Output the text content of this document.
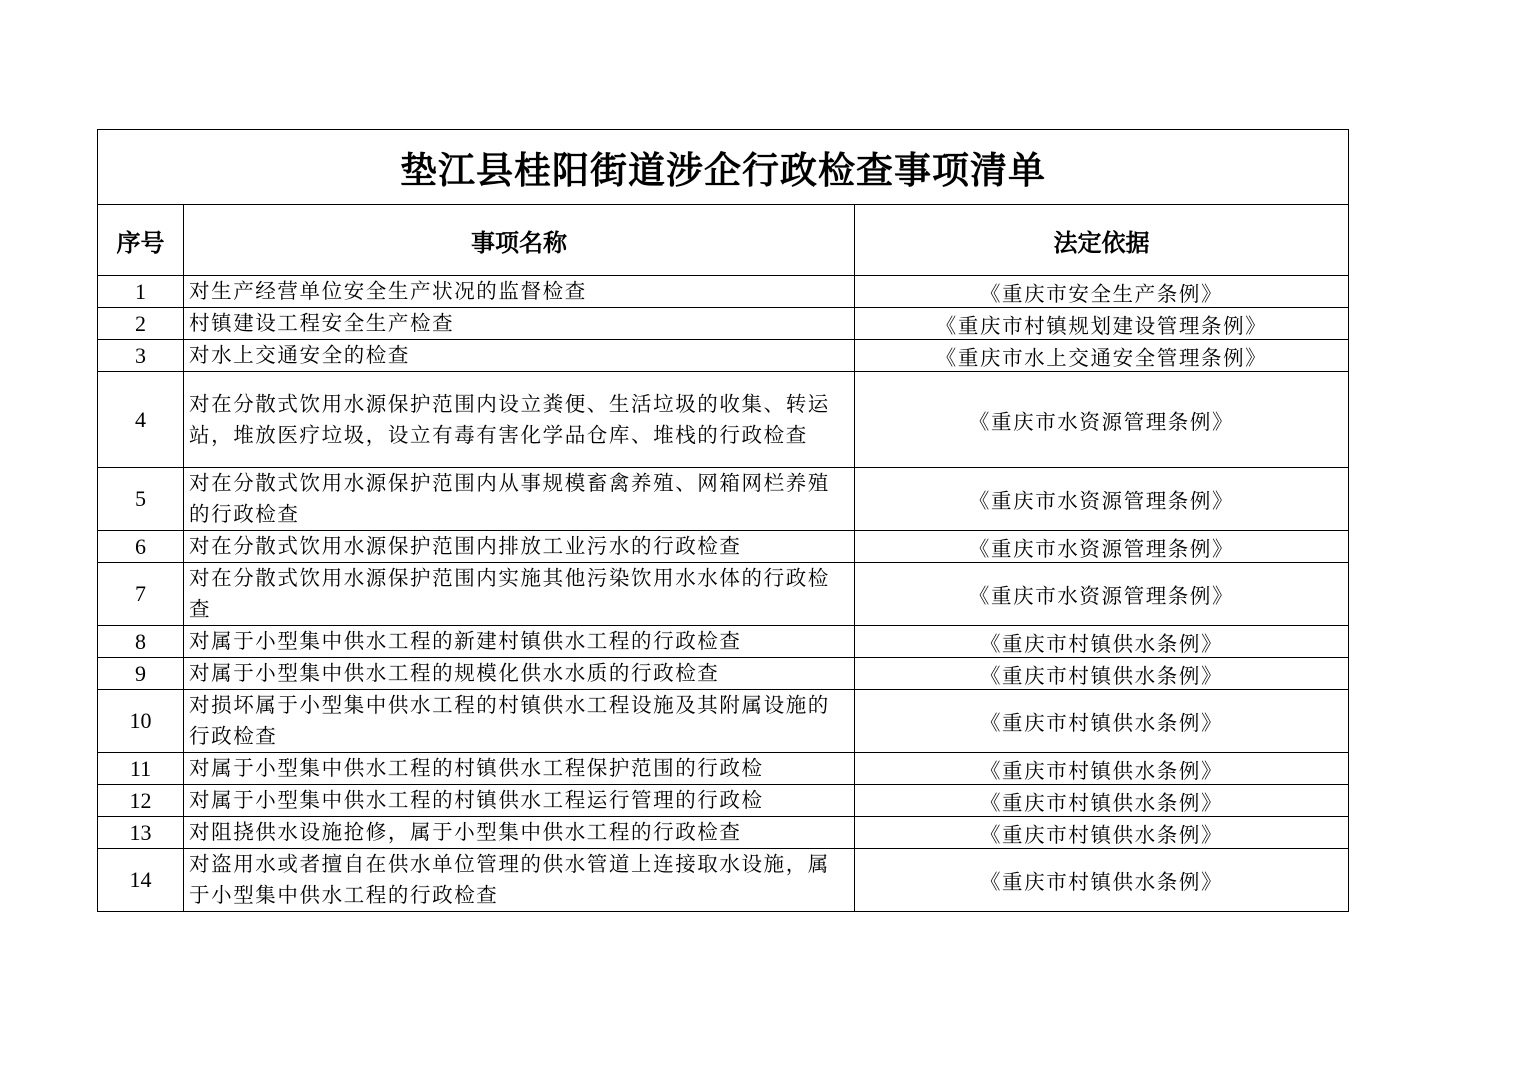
垫江县桂阳街道涉企行政检查事项清单		
序号	事项名称	法定依据
1	对生产经营单位安全生产状况的监督检查	《重庆市安全生产条例》
2	村镇建设工程安全生产检查	《重庆市村镇规划建设管理条例》
3	对水上交通安全的检查	《重庆市水上交通安全管理条例》
4	对在分散式饮用水源保护范围内设立粪便、生活垃圾的收集、转运站，堆放医疗垃圾，设立有毒有害化学品仓库、堆栈的行政检查	《重庆市水资源管理条例》
5	对在分散式饮用水源保护范围内从事规模畜禽养殖、网箱网栏养殖的行政检查	《重庆市水资源管理条例》
6	对在分散式饮用水源保护范围内排放工业污水的行政检查	《重庆市水资源管理条例》
7	对在分散式饮用水源保护范围内实施其他污染饮用水水体的行政检查	《重庆市水资源管理条例》
8	对属于小型集中供水工程的新建村镇供水工程的行政检查	《重庆市村镇供水条例》
9	对属于小型集中供水工程的规模化供水水质的行政检查	《重庆市村镇供水条例》
10	对损坏属于小型集中供水工程的村镇供水工程设施及其附属设施的行政检查	《重庆市村镇供水条例》
11	对属于小型集中供水工程的村镇供水工程保护范围的行政检	《重庆市村镇供水条例》
12	对属于小型集中供水工程的村镇供水工程运行管理的行政检	《重庆市村镇供水条例》
13	对阻挠供水设施抢修，属于小型集中供水工程的行政检查	《重庆市村镇供水条例》
14	对盗用水或者擅自在供水单位管理的供水管道上连接取水设施，属于小型集中供水工程的行政检查	《重庆市村镇供水条例》
